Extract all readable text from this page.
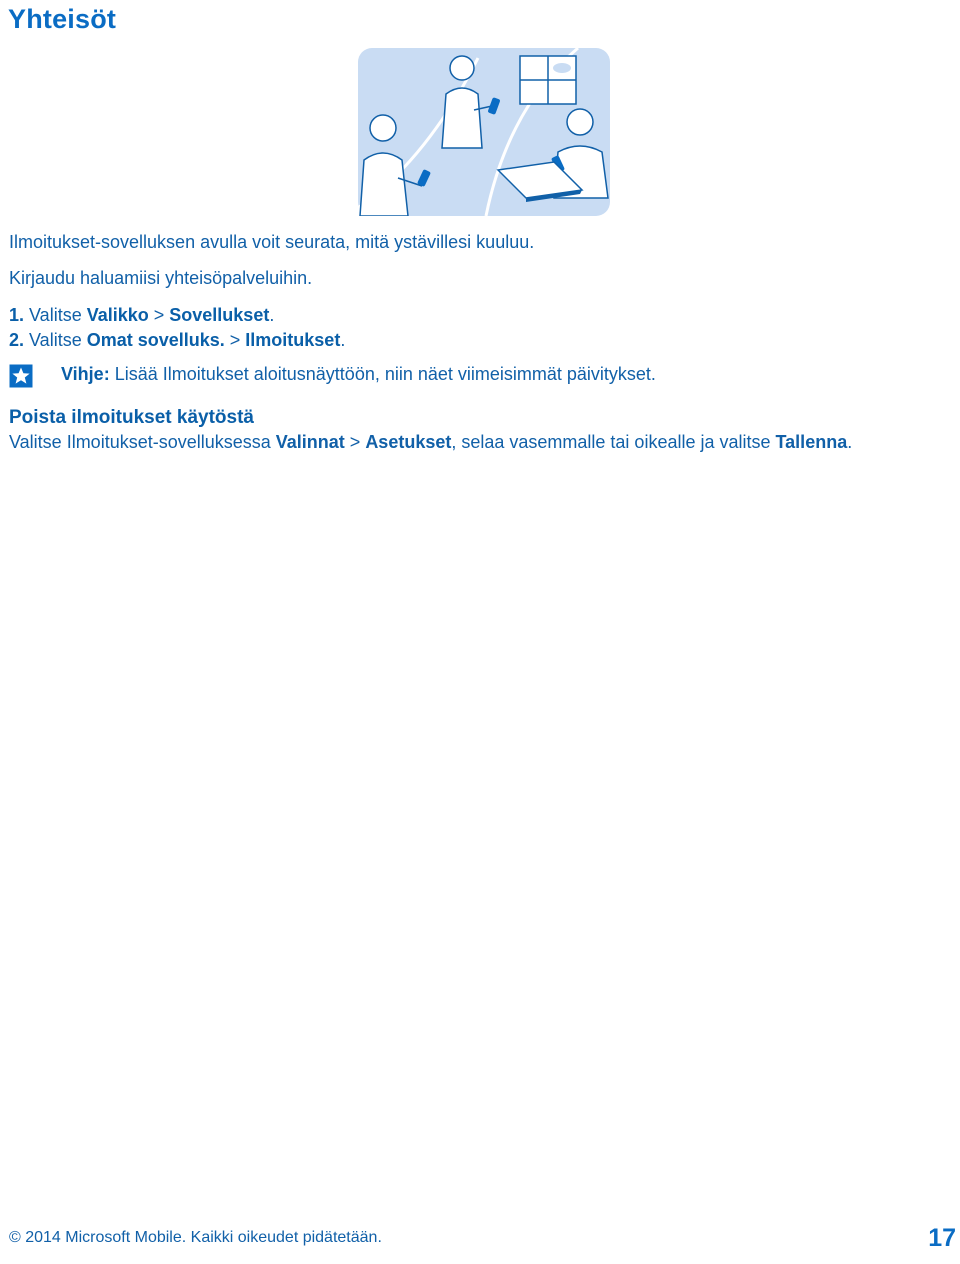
Yhteisöt

Ilmoitukset-sovelluksen avulla voit seurata, mitä ystävillesi kuuluu.

Kirjaudu haluamiisi yhteisöpalveluihin.

1. Valitse Valikko > Sovellukset.

2. Valitse Omat sovelluks. > Ilmoitukset.

Vihje: Lisää Ilmoitukset aloitusnäyttöön, niin näet viimeisimmät päivitykset.

Poista ilmoitukset käytöstä

Valitse Ilmoitukset-sovelluksessa Valinnat > Asetukset, selaa vasemmalle tai oikealle ja valitse Tallenna.

© 2014 Microsoft Mobile. Kaikki oikeudet pidätetään.	17
